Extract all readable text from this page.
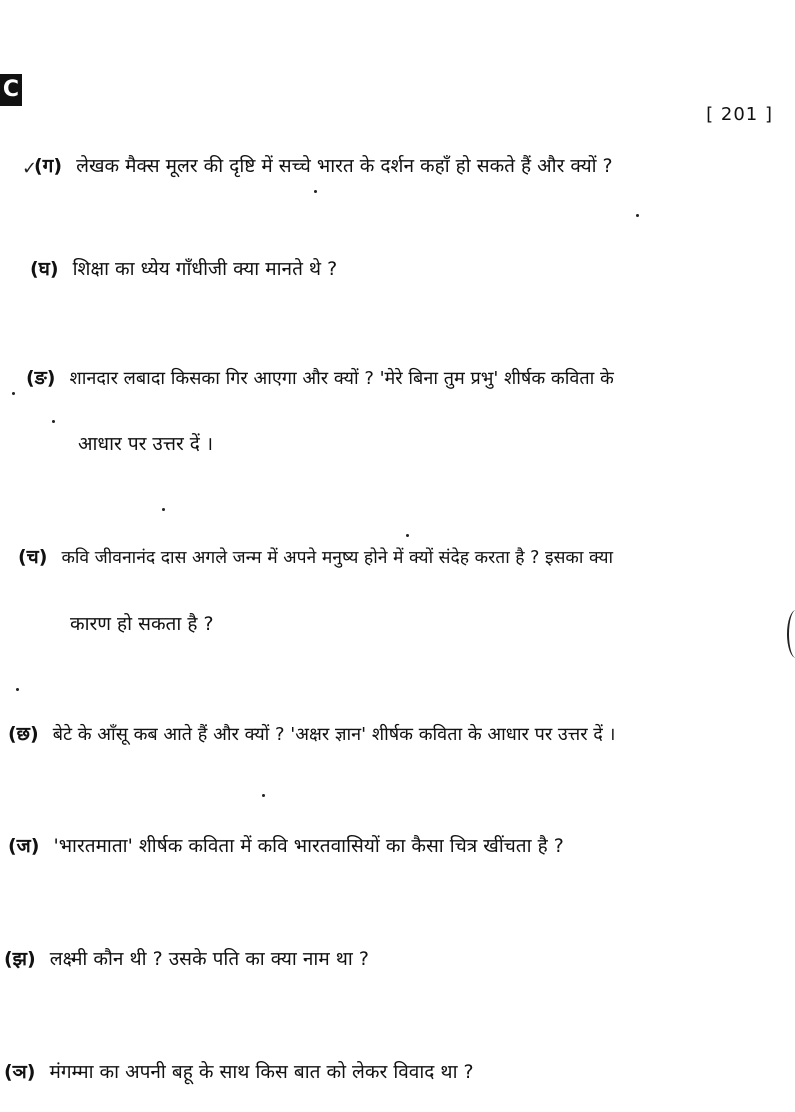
C
[ 201 ]
✓
(ग) लेखक मैक्स मूलर की दृष्टि में सच्चे भारत के दर्शन कहाँ हो सकते हैं और क्यों ?
(घ) शिक्षा का ध्येय गाँधीजी क्या मानते थे ?
(ङ) शानदार लबादा किसका गिर आएगा और क्यों ? 'मेरे बिना तुम प्रभु' शीर्षक कविता के
आधार पर उत्तर दें ।
(च) कवि जीवनानंद दास अगले जन्म में अपने मनुष्य होने में क्यों संदेह करता है ? इसका क्या
कारण हो सकता है ?
(छ) बेटे के आँसू कब आते हैं और क्यों ? 'अक्षर ज्ञान' शीर्षक कविता के आधार पर उत्तर दें ।
(ज) 'भारतमाता' शीर्षक कविता में कवि भारतवासियों का कैसा चित्र खींचता है ?
(झ) लक्ष्मी कौन थी ? उसके पति का क्या नाम था ?
(ञ) मंगम्मा का अपनी बहू के साथ किस बात को लेकर विवाद था ?
